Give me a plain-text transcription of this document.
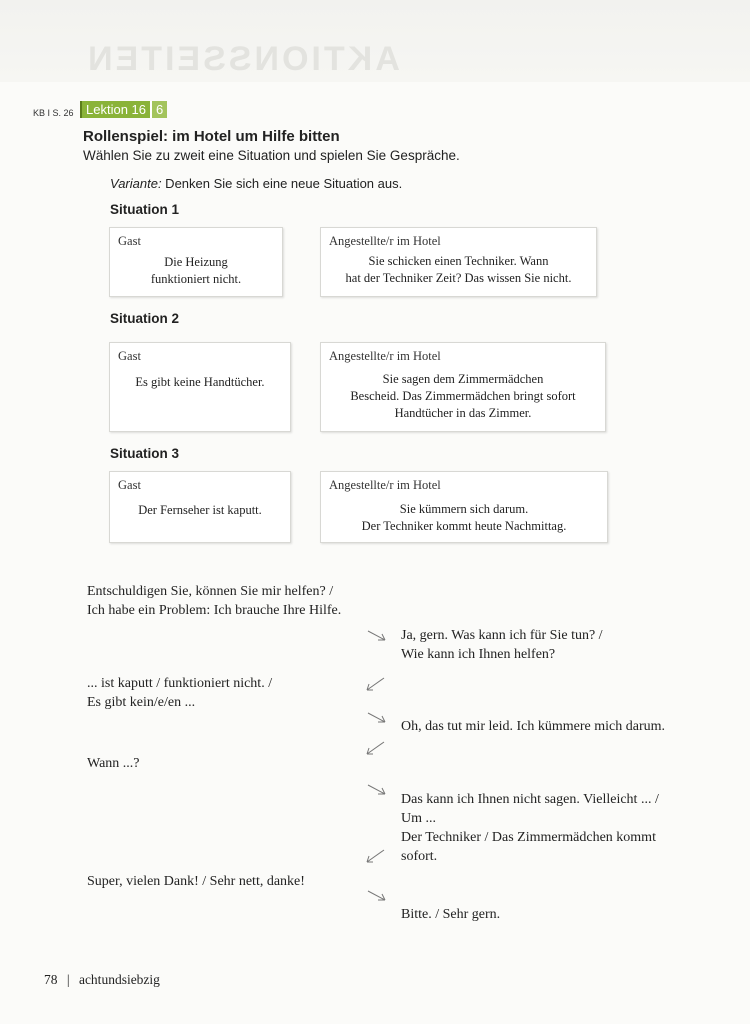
AKTIONSSEITEN
KB I S. 26 Lektion 16 6
Rollenspiel: im Hotel um Hilfe bitten
Wählen Sie zu zweit eine Situation und spielen Sie Gespräche.
Variante: Denken Sie sich eine neue Situation aus.
Situation 1
Gast
Die Heizung
funktioniert nicht.
Angestellte/r im Hotel
Sie schicken einen Techniker. Wann
hat der Techniker Zeit? Das wissen Sie nicht.
Situation 2
Gast
Es gibt keine Handtücher.
Angestellte/r im Hotel
Sie sagen dem Zimmermädchen
Bescheid. Das Zimmermädchen bringt sofort
Handtücher in das Zimmer.
Situation 3
Gast
Der Fernseher ist kaputt.
Angestellte/r im Hotel
Sie kümmern sich darum.
Der Techniker kommt heute Nachmittag.
Entschuldigen Sie, können Sie mir helfen? /
Ich habe ein Problem: Ich brauche Ihre Hilfe.
... ist kaputt / funktioniert nicht. /
Es gibt kein/e/en ...
Wann ...?
Super, vielen Dank! / Sehr nett, danke!
Ja, gern. Was kann ich für Sie tun? /
Wie kann ich Ihnen helfen?
Oh, das tut mir leid. Ich kümmere mich darum.
Das kann ich Ihnen nicht sagen. Vielleicht ... /
Um ...
Der Techniker / Das Zimmermädchen kommt
sofort.
Bitte. / Sehr gern.
78 | achtundsiebzig
